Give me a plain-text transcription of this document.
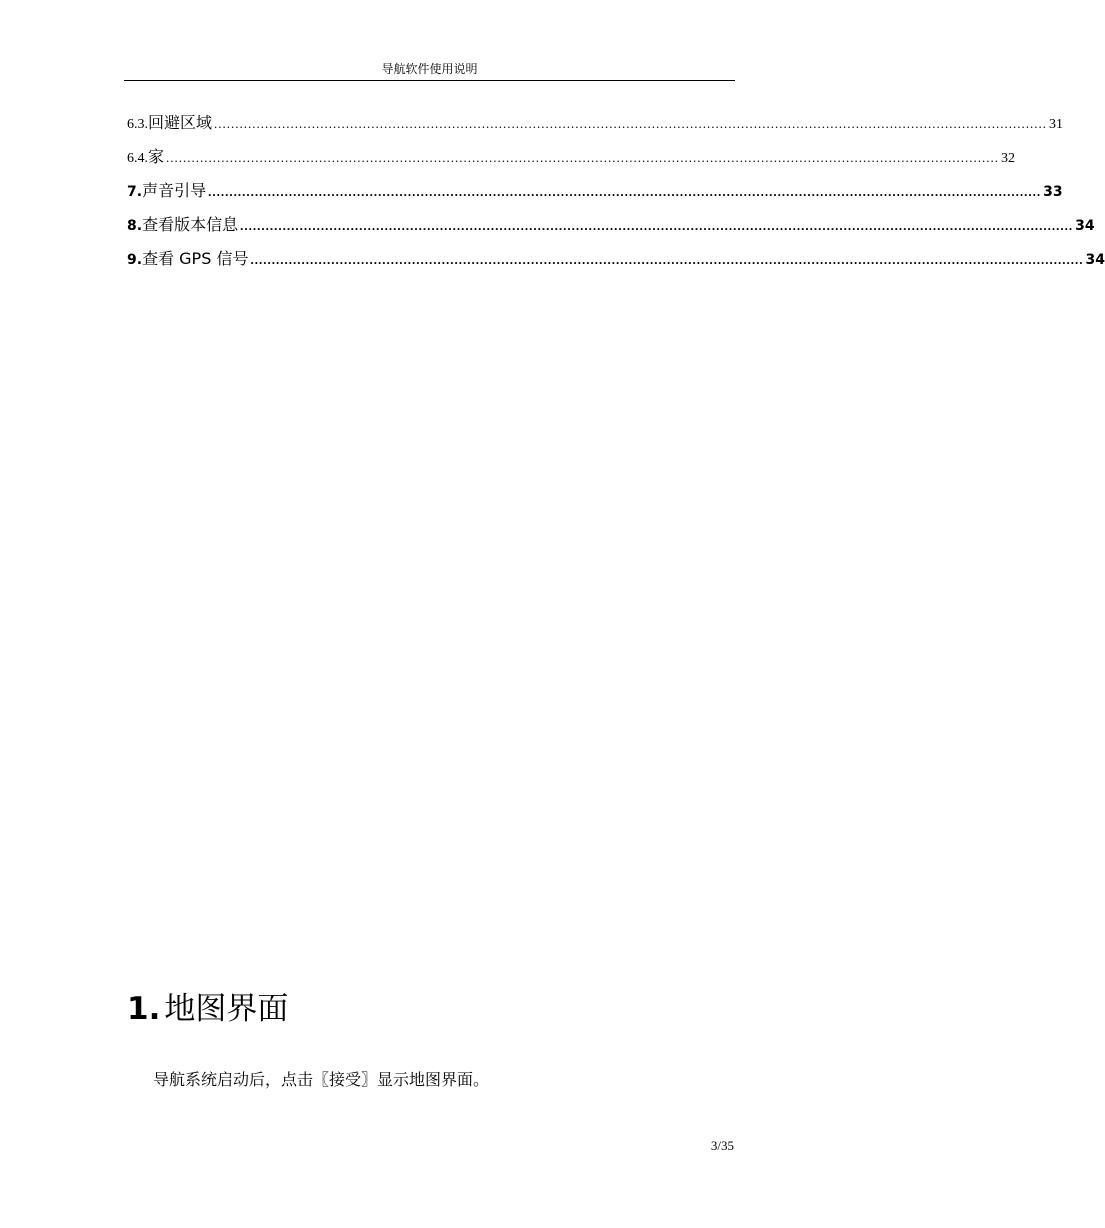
导航软件使用说明
6.3. 回避区域 .................................................................................................................................................................................................... 31
6.4. 家 .................................................................................................................................................................................................... 32
7. 声音引导 .................................................................................................................................................................................................... 33
8. 查看版本信息 .................................................................................................................................................................................................... 34
9. 查看 GPS 信号 .................................................................................................................................................................................................... 34
1. 地图界面
导航系统启动后，点击〖接受〗显示地图界面。
3/35
